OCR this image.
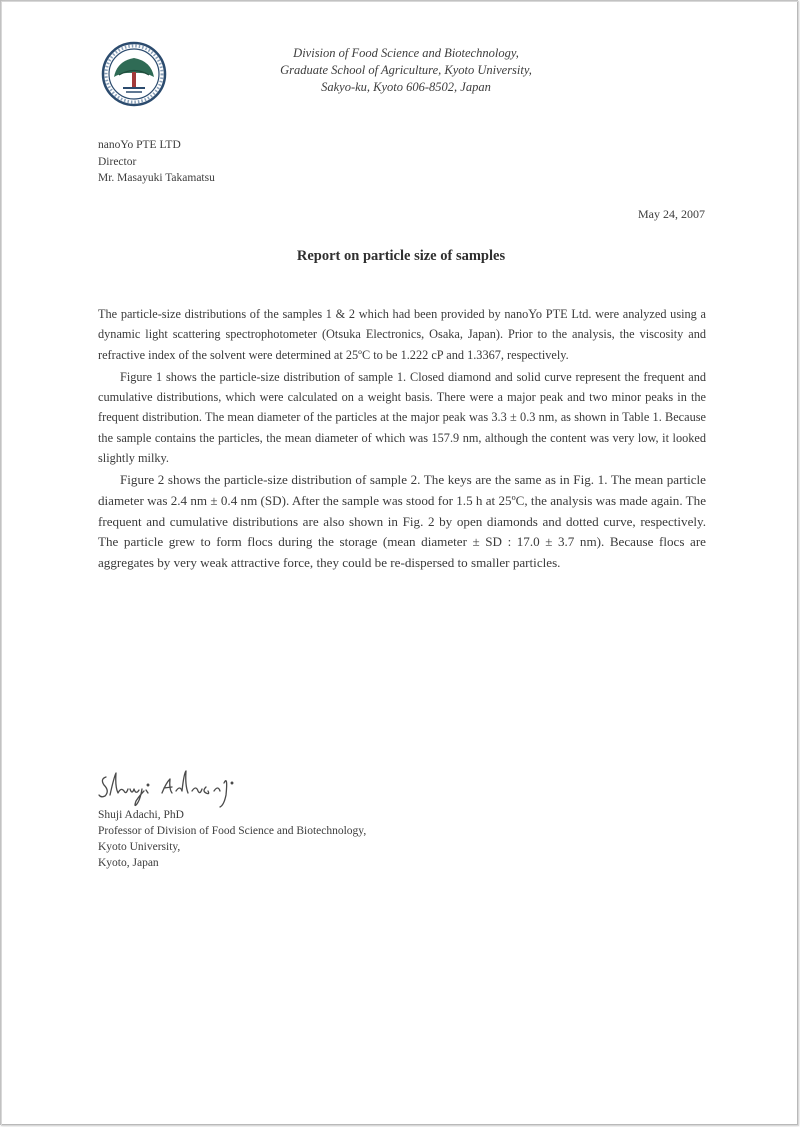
Division of Food Science and Biotechnology,
Graduate School of Agriculture, Kyoto University,
Sakyo-ku, Kyoto 606-8502, Japan
nanoYo PTE LTD
Director
Mr. Masayuki Takamatsu
May 24, 2007
Report on particle size of samples

The particle-size distributions of the samples 1 & 2 which had been provided by nanoYo PTE Ltd. were analyzed using a dynamic light scattering spectrophotometer (Otsuka Electronics, Osaka, Japan). Prior to the analysis, the viscosity and refractive index of the solvent were determined at 25ºC to be 1.222 cP and 1.3367, respectively.

Figure 1 shows the particle-size distribution of sample 1. Closed diamond and solid curve represent the frequent and cumulative distributions, which were calculated on a weight basis. There were a major peak and two minor peaks in the frequent distribution. The mean diameter of the particles at the major peak was 3.3 ± 0.3 nm, as shown in Table 1. Because the sample contains the particles, the mean diameter of which was 157.9 nm, although the content was very low, it looked slightly milky.

Figure 2 shows the particle-size distribution of sample 2. The keys are the same as in Fig. 1. The mean particle diameter was 2.4 nm ± 0.4 nm (SD). After the sample was stood for 1.5 h at 25ºC, the analysis was made again. The frequent and cumulative distributions are also shown in Fig. 2 by open diamonds and dotted curve, respectively. The particle grew to form flocs during the storage (mean diameter ± SD : 17.0 ± 3.7 nm). Because flocs are aggregates by very weak attractive force, they could be re-dispersed to smaller particles.

Shuji Adachi, PhD
Professor of Division of Food Science and Biotechnology,
Kyoto University,
Kyoto, Japan
